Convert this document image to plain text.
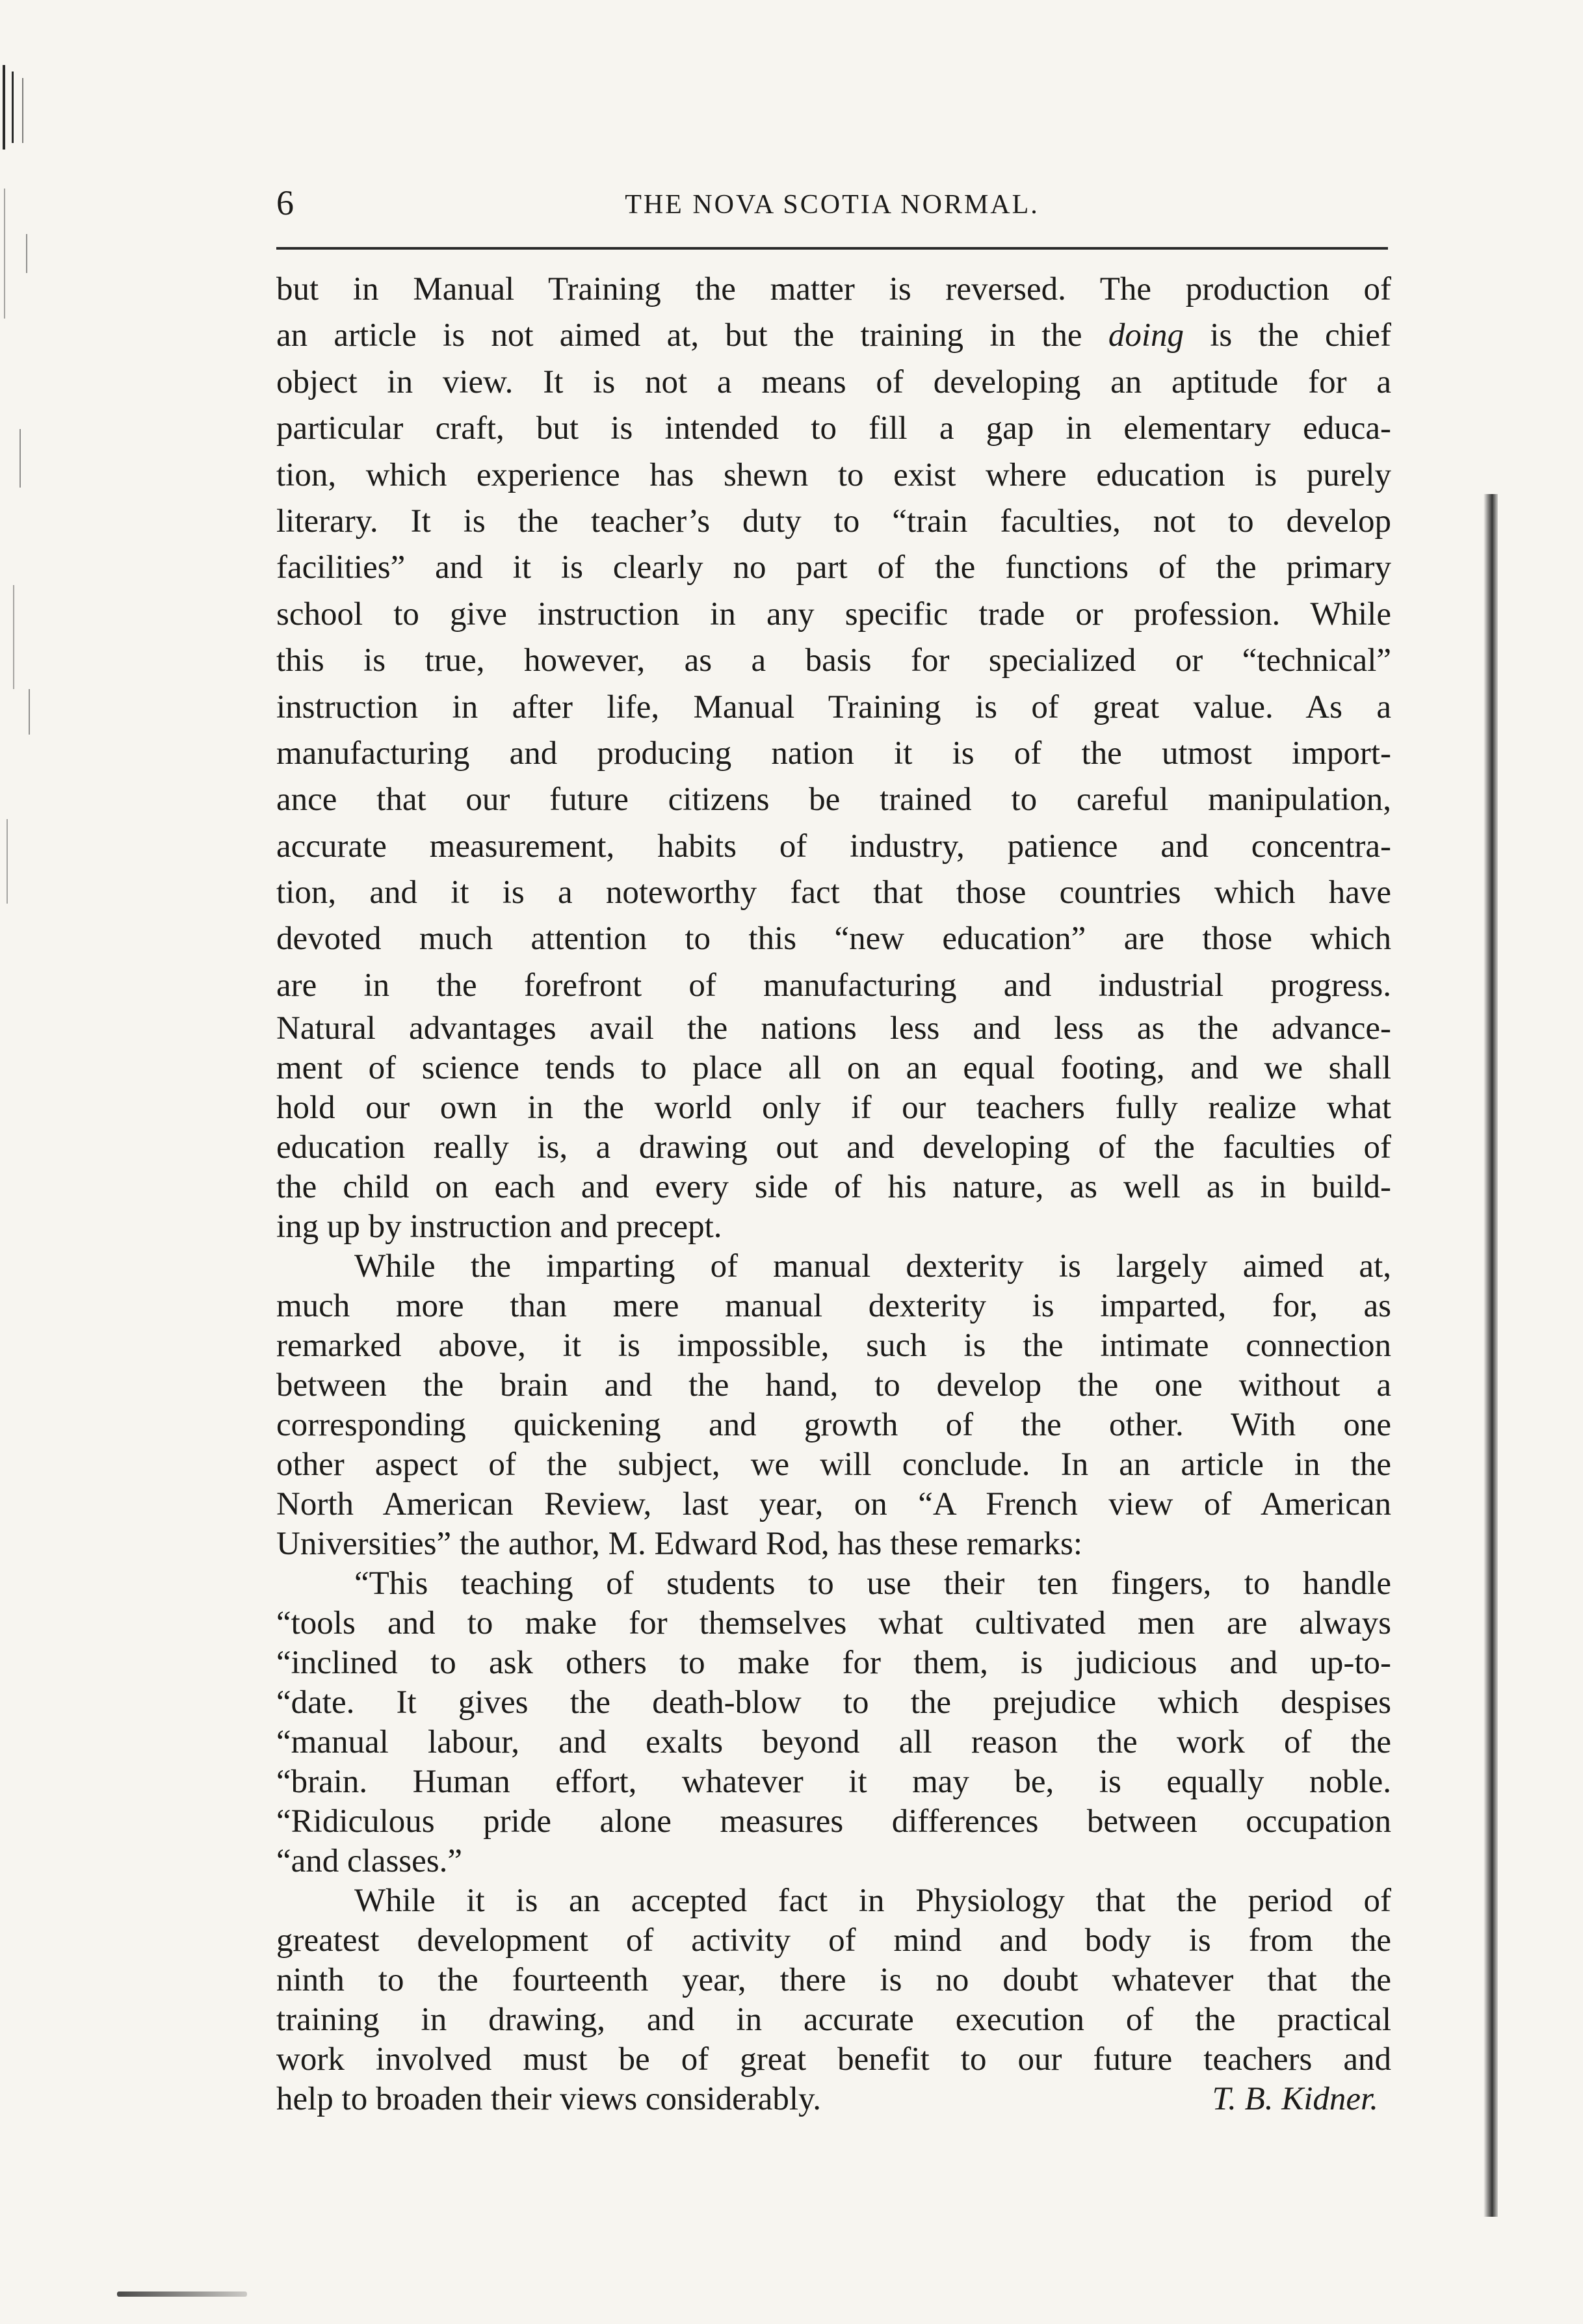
6	THE NOVA SCOTIA NORMAL.
but in Manual Training the matter is reversed. The production of
an article is not aimed at, but the training in the doing is the chief
object in view. It is not a means of developing an aptitude for a
particular craft, but is intended to fill a gap in elementary educa-
tion, which experience has shewn to exist where education is purely
literary. It is the teacher’s duty to “train faculties, not to develop
facilities” and it is clearly no part of the functions of the primary
school to give instruction in any specific trade or profession. While
this is true, however, as a basis for specialized or “technical”
instruction in after life, Manual Training is of great value. As a
manufacturing and producing nation it is of the utmost import-
ance that our future citizens be trained to careful manipulation,
accurate measurement, habits of industry, patience and concentra-
tion, and it is a noteworthy fact that those countries which have
devoted much attention to this “new education” are those which
are in the forefront of manufacturing and industrial progress.
Natural advantages avail the nations less and less as the advance-
ment of science tends to place all on an equal footing, and we shall
hold our own in the world only if our teachers fully realize what
education really is, a drawing out and developing of the faculties of
the child on each and every side of his nature, as well as in build-
ing up by instruction and precept.
While the imparting of manual dexterity is largely aimed at,
much more than mere manual dexterity is imparted, for, as
remarked above, it is impossible, such is the intimate connection
between the brain and the hand, to develop the one without a
corresponding quickening and growth of the other. With one
other aspect of the subject, we will conclude. In an article in the
North American Review, last year, on “A French view of American
Universities” the author, M. Edward Rod, has these remarks:
“This teaching of students to use their ten fingers, to handle
“tools and to make for themselves what cultivated men are always
“inclined to ask others to make for them, is judicious and up-to-
“date. It gives the death-blow to the prejudice which despises
“manual labour, and exalts beyond all reason the work of the
“brain. Human effort, whatever it may be, is equally noble.
“Ridiculous pride alone measures differences between occupation
“and classes.”
While it is an accepted fact in Physiology that the period of
greatest development of activity of mind and body is from the
ninth to the fourteenth year, there is no doubt whatever that the
training in drawing, and in accurate execution of the practical
work involved must be of great benefit to our future teachers and
help to broaden their views considerably.	T. B. Kidner.
